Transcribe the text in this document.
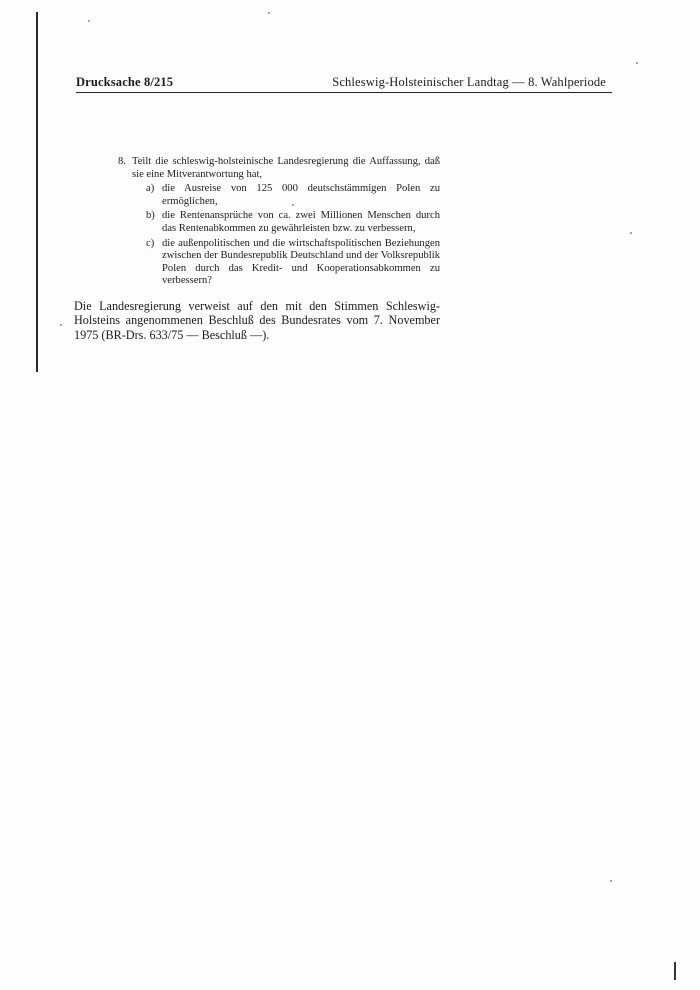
Drucksache 8/215	Schleswig-Holsteinischer Landtag — 8. Wahlperiode
8. Teilt die schleswig-holsteinische Landesregierung die Auffassung, daß sie eine Mitverantwortung hat,
a) die Ausreise von 125 000 deutschstämmigen Polen zu ermöglichen,
b) die Rentenansprüche von ca. zwei Millionen Menschen durch das Rentenabkommen zu gewährleisten bzw. zu verbessern,
c) die außenpolitischen und die wirtschaftspolitischen Beziehungen zwischen der Bundesrepublik Deutschland und der Volksrepublik Polen durch das Kredit- und Kooperationsabkommen zu verbessern?
Die Landesregierung verweist auf den mit den Stimmen Schleswig-Holsteins angenommenen Beschluß des Bundesrates vom 7. November 1975 (BR-Drs. 633/75 — Beschluß —).
